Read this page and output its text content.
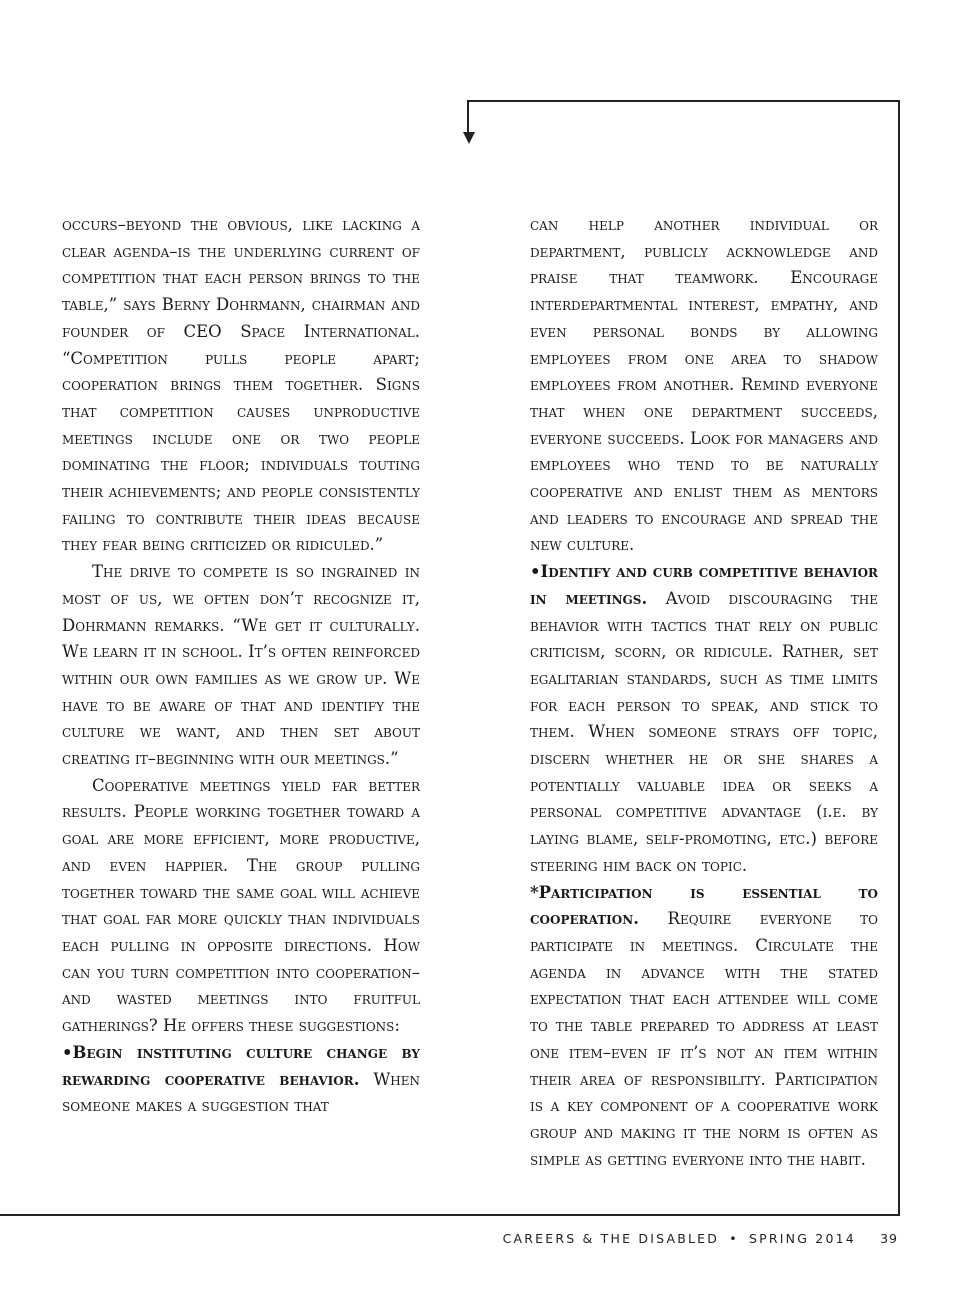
occurs–beyond the obvious, like lacking a clear agenda–is the underlying current of competition that each person brings to the table,” says Berny Dohrmann, chairman and founder of CEO Space International. “Competition pulls people apart; cooperation brings them together. Signs that competition causes unproductive meetings include one or two people dominating the floor; individuals touting their achievements; and people consistently failing to contribute their ideas because they fear being criticized or ridiculed.”

The drive to compete is so ingrained in most of us, we often don’t recognize it, Dohrmann remarks. “We get it culturally. We learn it in school. It’s often reinforced within our own families as we grow up. We have to be aware of that and identify the culture we want, and then set about creating it–beginning with our meetings.”

Cooperative meetings yield far better results. People working together toward a goal are more efficient, more productive, and even happier. The group pulling together toward the same goal will achieve that goal far more quickly than individuals each pulling in opposite directions. How can you turn competition into cooperation–and wasted meetings into fruitful gatherings? He offers these suggestions:

•Begin instituting culture change by rewarding cooperative behavior. When someone makes a suggestion that

can help another individual or department, publicly acknowledge and praise that teamwork. Encourage interdepartmental interest, empathy, and even personal bonds by allowing employees from one area to shadow employees from another. Remind everyone that when one department succeeds, everyone succeeds. Look for managers and employees who tend to be naturally cooperative and enlist them as mentors and leaders to encourage and spread the new culture.

•Identify and curb competitive behavior in meetings. Avoid discouraging the behavior with tactics that rely on public criticism, scorn, or ridicule. Rather, set egalitarian standards, such as time limits for each person to speak, and stick to them. When someone strays off topic, discern whether he or she shares a potentially valuable idea or seeks a personal competitive advantage (i.e. by laying blame, self-promoting, etc.) before steering him back on topic.

*Participation is essential to cooperation. Require everyone to participate in meetings. Circulate the agenda in advance with the stated expectation that each attendee will come to the table prepared to address at least one item–even if it’s not an item within their area of responsibility. Participation is a key component of a cooperative work group and making it the norm is often as simple as getting everyone into the habit.

CAREERS & THE DISABLED • SPRING 2014 39
